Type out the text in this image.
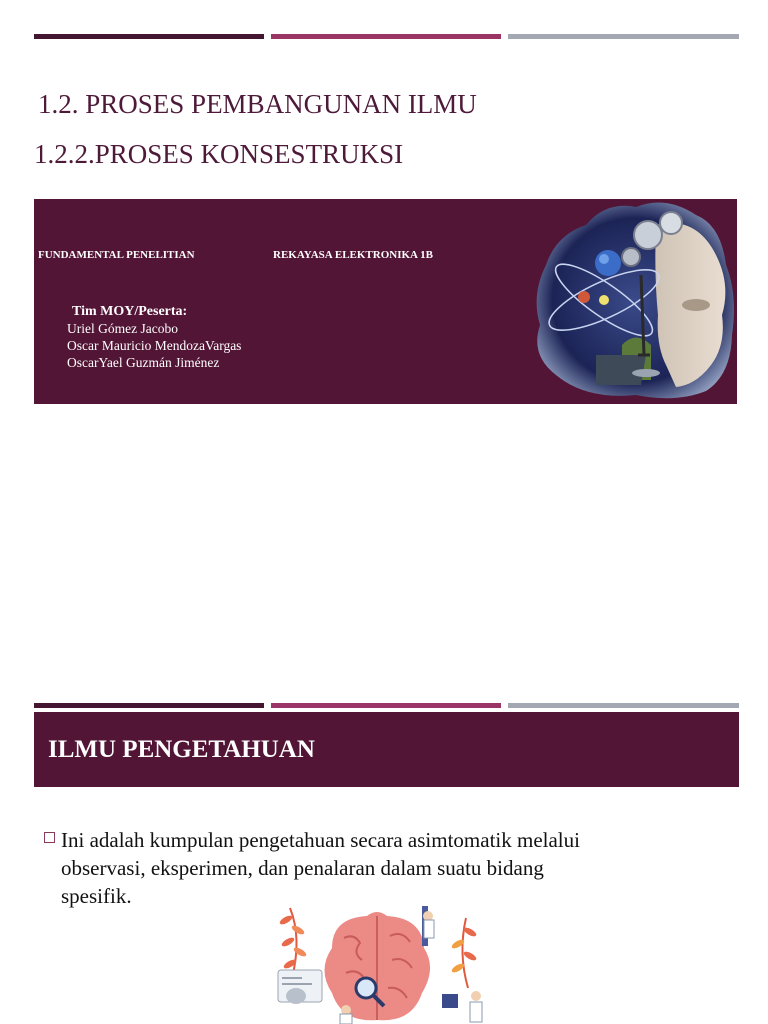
1.2. PROSES PEMBANGUNAN ILMU
1.2.2.PROSES KONSESTRUKSI
FUNDAMENTAL PENELITIAN	REKAYASA ELEKTRONIKA 1B
Tim MOY/Peserta:
Uriel Gómez Jacobo
Oscar Mauricio MendozaVargas
OscarYael Guzmán Jiménez
ILMU PENGETAHUAN
Ini adalah kumpulan pengetahuan secara asimtomatik melalui
observasi, eksperimen, dan penalaran dalam suatu bidang
spesifik.
